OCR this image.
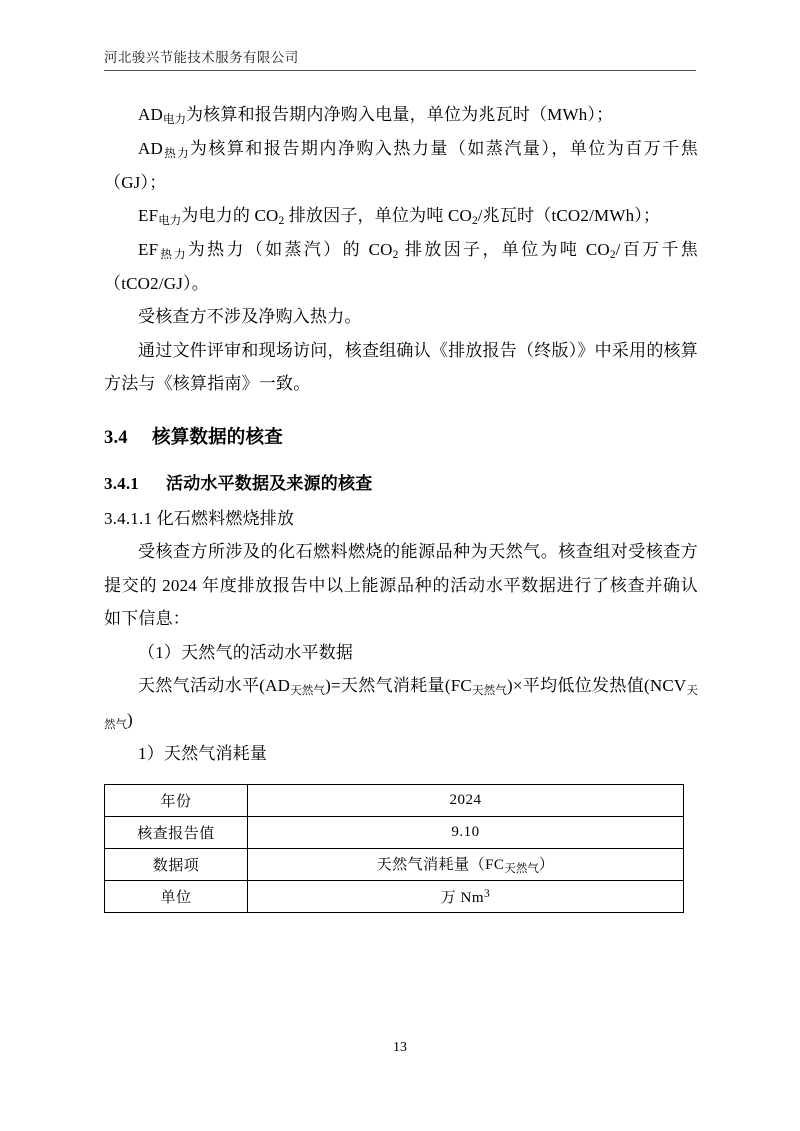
河北骏兴节能技术服务有限公司

$AD_{电力}$为核算和报告期内净购入电量，单位为兆瓦时（MWh）；

$AD_{热力}$为核算和报告期内净购入热力量（如蒸汽量），单位为百万千焦（GJ）；

$EF_{电力}$为电力的 $CO_2$ 排放因子，单位为吨 $CO_2/$兆瓦时（tCO2/MWh）；

$EF_{热力}$为热力（如蒸汽）的 $CO_2$ 排放因子，单位为吨 $CO_2/$百万千焦（tCO2/GJ）。

受核查方不涉及净购入热力。

通过文件评审和现场访问，核查组确认《排放报告（终版）》中采用的核算方法与《核算指南》一致。

3.4 核算数据的核查
3.4.1 活动水平数据及来源的核查

3.4.1.1 化石燃料燃烧排放

受核查方所涉及的化石燃料燃烧的能源品种为天然气。核查组对受核查方提交的 2024 年度排放报告中以上能源品种的活动水平数据进行了核查并确认如下信息：

（1）天然气的活动水平数据

天然气活动水平$(AD_{天然气})=$天然气消耗量$(FC_{天然气})\times$平均低位发热值$(NCV_{天然气})$

1）天然气消耗量

年份	2024
核查报告值	9.10
数据项	天然气消耗量$(FC_{天然气})$
单位	万 Nm$^3$
13
